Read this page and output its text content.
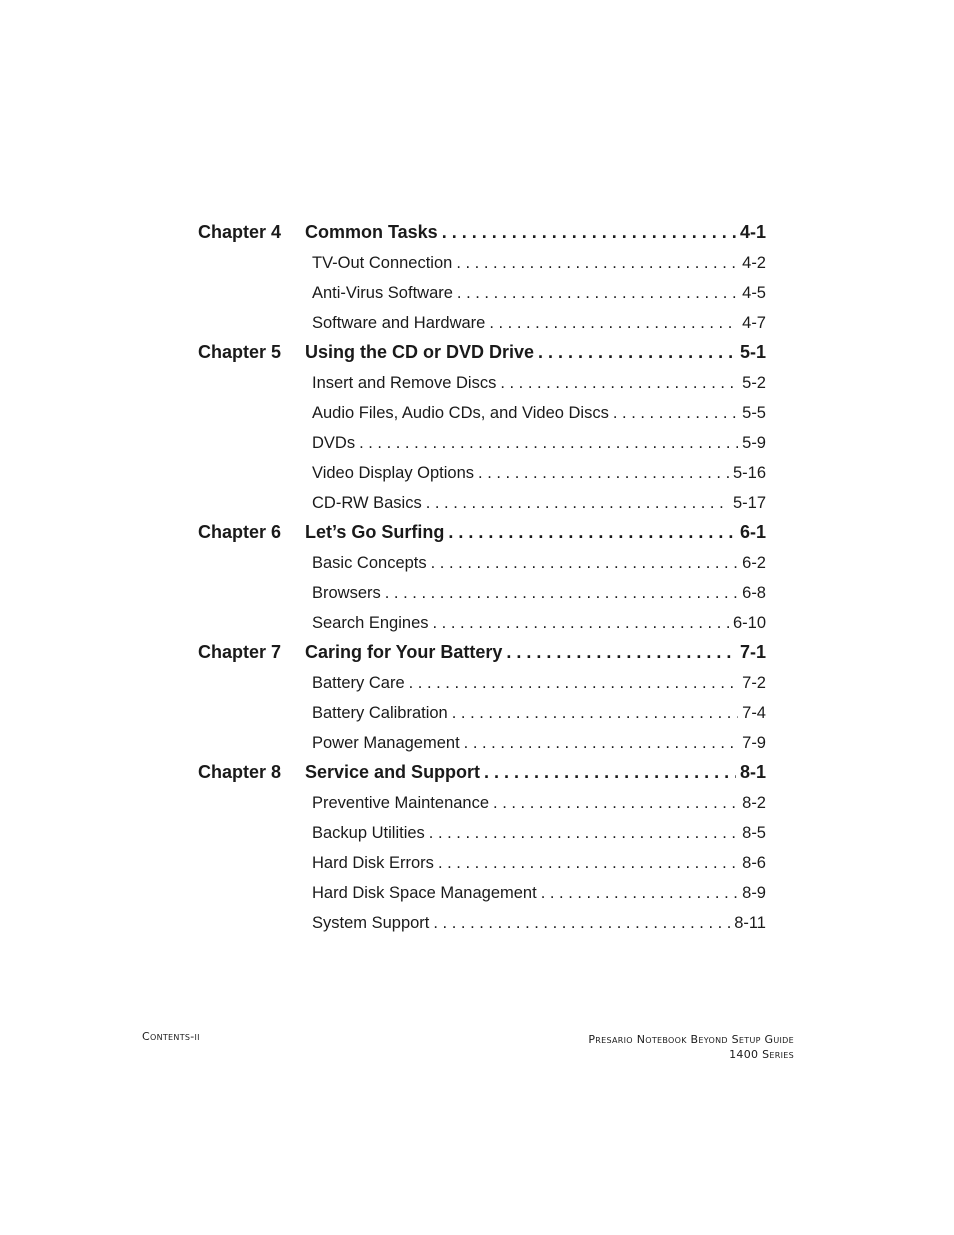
Chapter 4 Common Tasks . . .	4-1
TV-Out Connection . . .	4-2
Anti-Virus Software . . .	4-5
Software and Hardware . . .	4-7
Chapter 5 Using the CD or DVD Drive . . .	5-1
Insert and Remove Discs . . .	5-2
Audio Files, Audio CDs, and Video Discs . . .	5-5
DVDs . . .	5-9
Video Display Options . . .	5-16
CD-RW Basics . . .	5-17
Chapter 6 Let’s Go Surfing . . .	6-1
Basic Concepts . . .	6-2
Browsers . . .	6-8
Search Engines . . .	6-10
Chapter 7 Caring for Your Battery . . .	7-1
Battery Care . . .	7-2
Battery Calibration . . .	7-4
Power Management . . .	7-9
Chapter 8 Service and Support . . .	8-1
Preventive Maintenance . . .	8-2
Backup Utilities . . .	8-5
Hard Disk Errors . . .	8-6
Hard Disk Space Management . . .	8-9
System Support . . .	8-11
Contents-ii	Presario Notebook Beyond Setup Guide
1400 Series
